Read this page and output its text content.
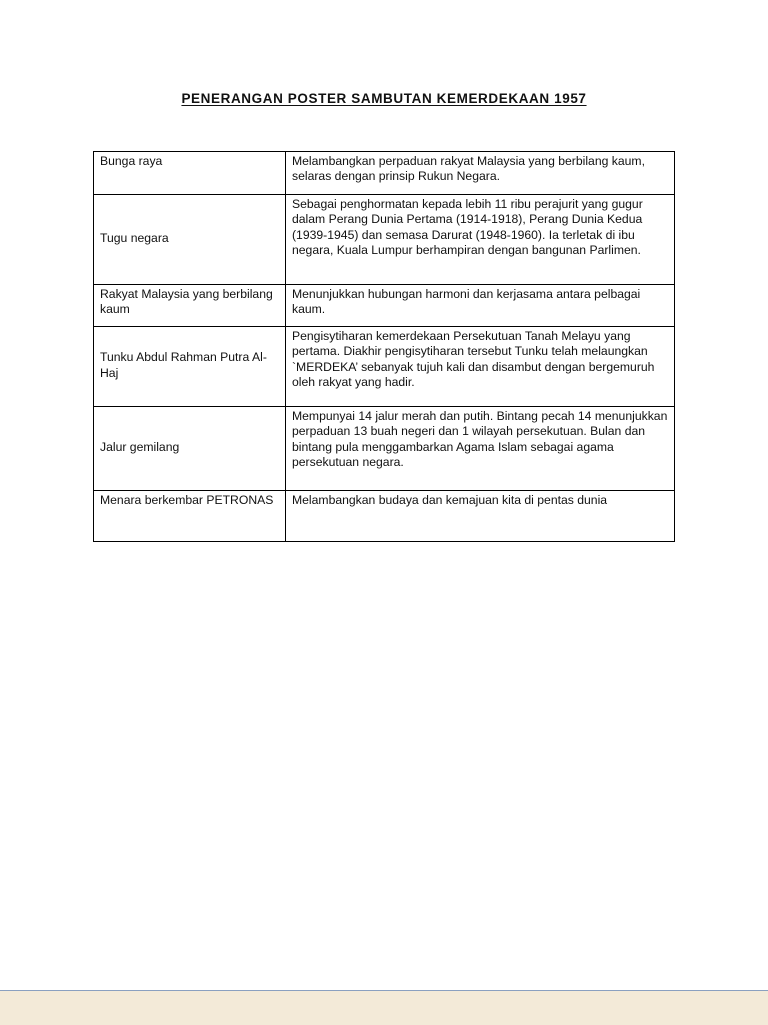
PENERANGAN POSTER SAMBUTAN KEMERDEKAAN 1957
Bunga raya	Melambangkan perpaduan rakyat Malaysia yang berbilang kaum, selaras dengan prinsip Rukun Negara.
Tugu negara	Sebagai penghormatan kepada lebih 11 ribu perajurit yang gugur dalam Perang Dunia Pertama (1914-1918), Perang Dunia Kedua (1939-1945) dan semasa Darurat (1948-1960). Ia terletak di ibu negara, Kuala Lumpur berhampiran dengan bangunan Parlimen.
Rakyat Malaysia yang berbilang kaum	Menunjukkan hubungan harmoni dan kerjasama antara pelbagai kaum.
Tunku Abdul Rahman Putra Al-Haj	Pengisytiharan kemerdekaan Persekutuan Tanah Melayu yang pertama. Diakhir pengisytiharan tersebut Tunku telah melaungkan `MERDEKA’ sebanyak tujuh kali dan disambut dengan bergemuruh oleh rakyat yang hadir.
Jalur gemilang	Mempunyai 14 jalur merah dan putih. Bintang pecah 14 menunjukkan perpaduan 13 buah negeri dan 1 wilayah persekutuan. Bulan dan bintang pula menggambarkan Agama Islam sebagai agama persekutuan negara.
Menara berkembar PETRONAS	Melambangkan budaya dan kemajuan kita di pentas dunia
